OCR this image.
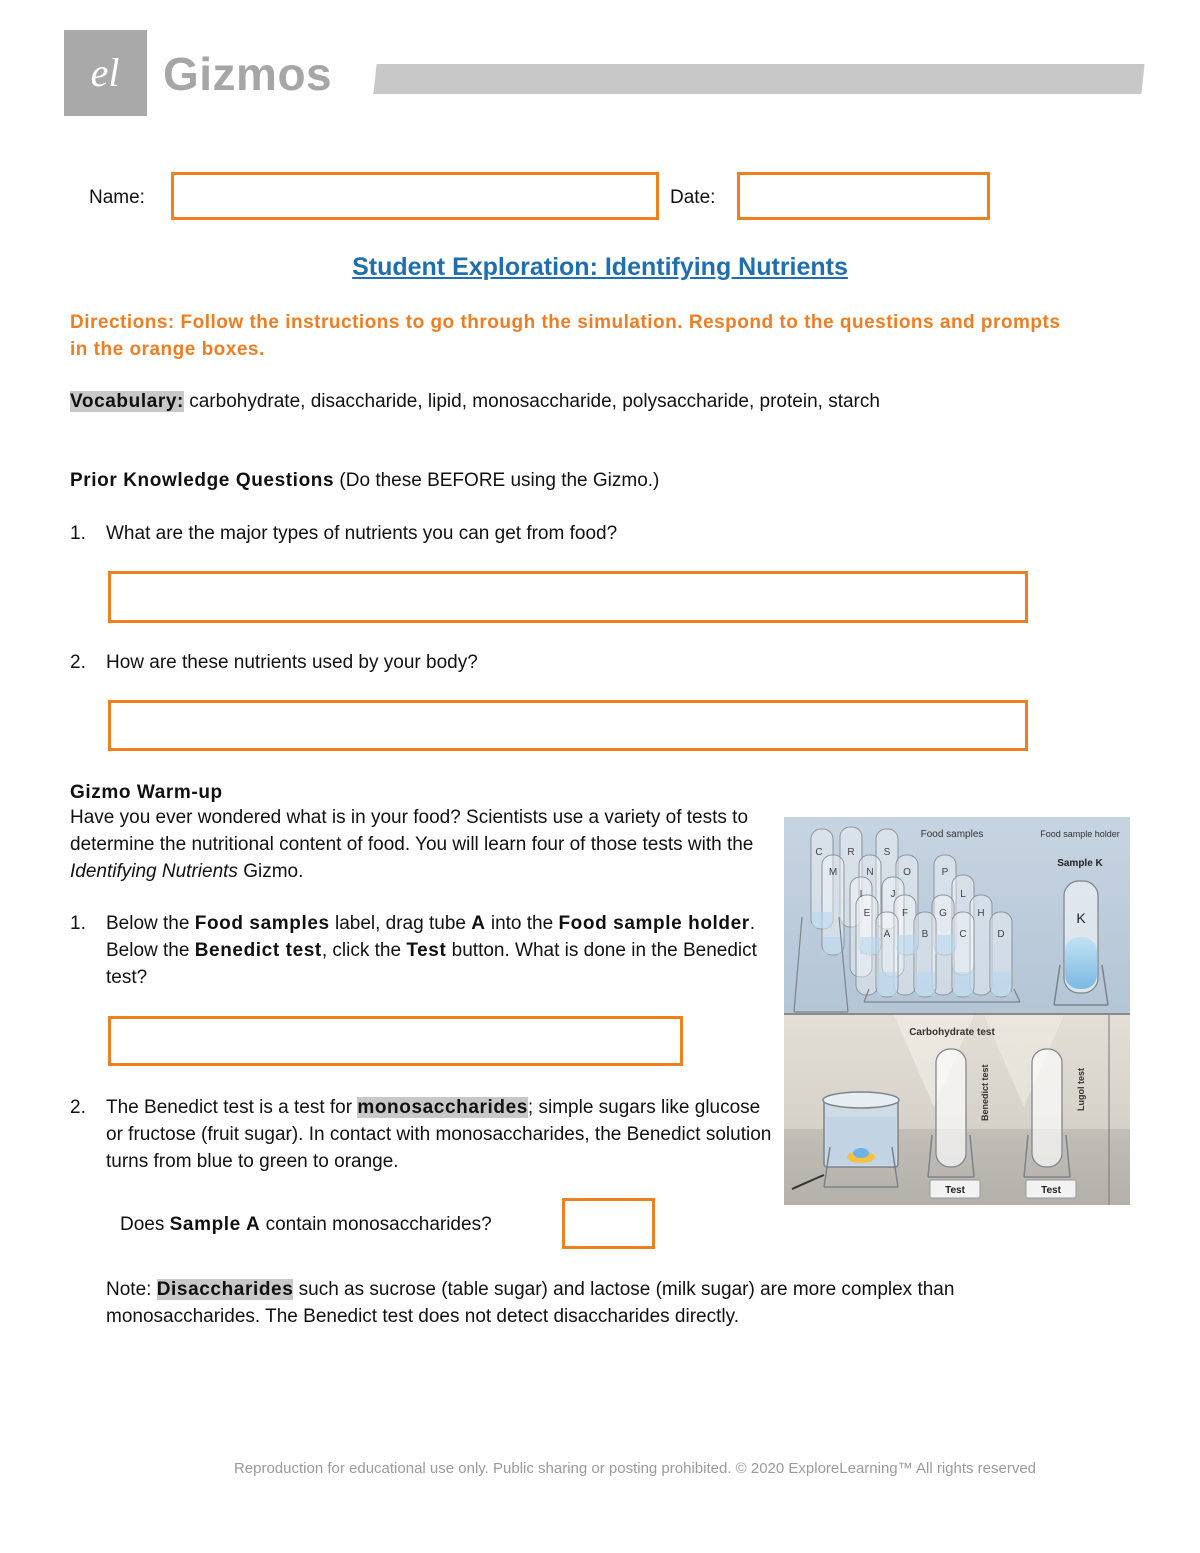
el Gizmos
Name:	Date:
Student Exploration: Identifying Nutrients
Directions: Follow the instructions to go through the simulation. Respond to the questions and prompts in the orange boxes.
Vocabulary: carbohydrate, disaccharide, lipid, monosaccharide, polysaccharide, protein, starch
Prior Knowledge Questions (Do these BEFORE using the Gizmo.)
1. What are the major types of nutrients you can get from food?
2. How are these nutrients used by your body?
Gizmo Warm-up
Have you ever wondered what is in your food? Scientists use a variety of tests to determine the nutritional content of food. You will learn four of those tests with the Identifying Nutrients Gizmo.
1. Below the Food samples label, drag tube A into the Food sample holder. Below the Benedict test, click the Test button. What is done in the Benedict test?
2. The Benedict test is a test for monosaccharides; simple sugars like glucose or fructose (fruit sugar). In contact with monosaccharides, the Benedict solution turns from blue to green to orange.
Does Sample A contain monosaccharides?
Note: Disaccharides such as sucrose (table sugar) and lactose (milk sugar) are more complex than monosaccharides. The Benedict test does not detect disaccharides directly.
Food samples	Food sample holder
Sample K
C R	S
M	N	O	P
I	J	L
E	F	G	H
A	B	C	D
K
Carbohydrate test
Benedict test	Lugol test
Test	Test
Reproduction for educational use only. Public sharing or posting prohibited. © 2020 ExploreLearning™ All rights reserved
